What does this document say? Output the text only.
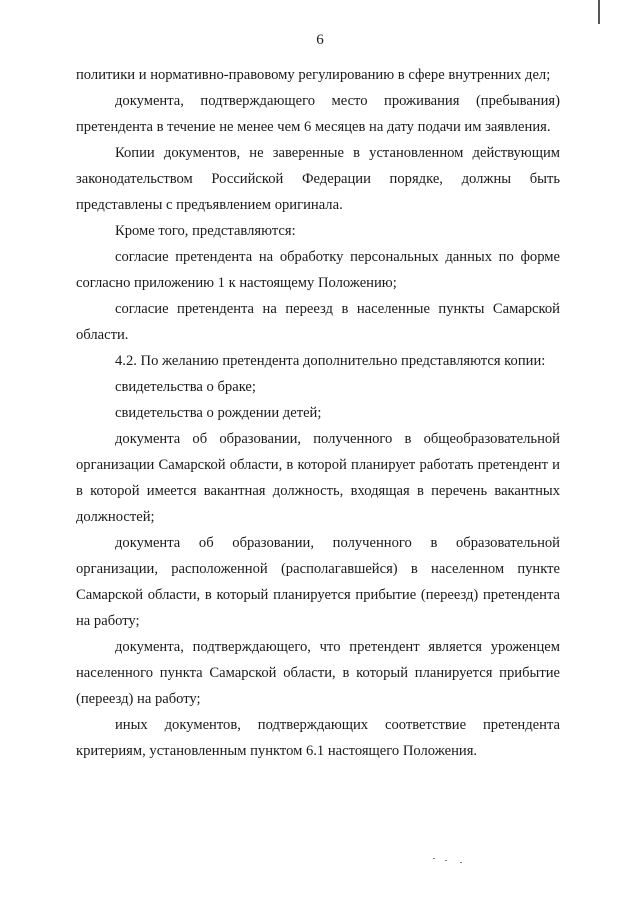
6

политики и нормативно-правовому регулированию в сфере внутренних дел;

документа, подтверждающего место проживания (пребывания) претендента в течение не менее чем 6 месяцев на дату подачи им заявления.

Копии документов, не заверенные в установленном действующим законодательством Российской Федерации порядке, должны быть представлены с предъявлением оригинала.

Кроме того, представляются:

согласие претендента на обработку персональных данных по форме согласно приложению 1 к настоящему Положению;

согласие претендента на переезд в населенные пункты Самарской области.

4.2. По желанию претендента дополнительно представляются копии:

свидетельства о браке;

свидетельства о рождении детей;

документа об образовании, полученного в общеобразовательной организации Самарской области, в которой планирует работать претендент и в которой имеется вакантная должность, входящая в перечень вакантных должностей;

документа об образовании, полученного в образовательной организации, расположенной (располагавшейся) в населенном пункте Самарской области, в который планируется прибытие (переезд) претендента на работу;

документа, подтверждающего, что претендент является уроженцем населенного пункта Самарской области, в который планируется прибытие (переезд) на работу;

иных документов, подтверждающих соответствие претендента критериям, установленным пунктом 6.1 настоящего Положения.
